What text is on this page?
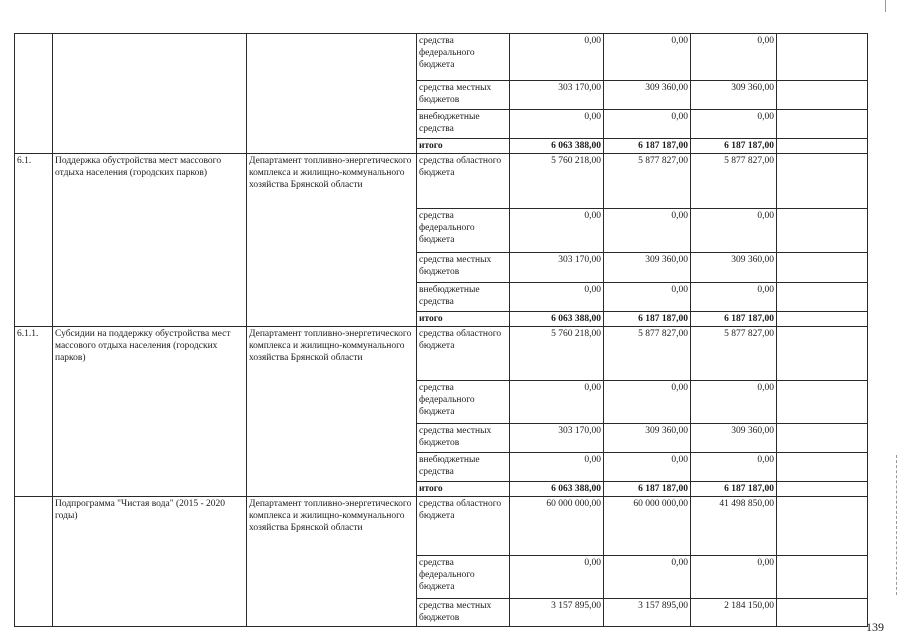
			средства федерального бюджета	0,00	0,00	0,00	
			средства местных бюджетов	303 170,00	309 360,00	309 360,00	
			внебюджетные средства	0,00	0,00	0,00	
			итого	6 063 388,00	6 187 187,00	6 187 187,00	
6.1.	Поддержка обустройства мест массового отдыха населения (городских парков)	Департамент топливно-энергетического комплекса и жилищно-коммунального хозяйства Брянской области	средства областного бюджета	5 760 218,00	5 877 827,00	5 877 827,00	
			средства федерального бюджета	0,00	0,00	0,00	
			средства местных бюджетов	303 170,00	309 360,00	309 360,00	
			внебюджетные средства	0,00	0,00	0,00	
			итого	6 063 388,00	6 187 187,00	6 187 187,00	
6.1.1.	Субсидии на поддержку обустройства мест массового отдыха населения (городских парков)	Департамент топливно-энергетического комплекса и жилищно-коммунального хозяйства Брянской области	средства областного бюджета	5 760 218,00	5 877 827,00	5 877 827,00	
			средства федерального бюджета	0,00	0,00	0,00	
			средства местных бюджетов	303 170,00	309 360,00	309 360,00	
			внебюджетные средства	0,00	0,00	0,00	
			итого	6 063 388,00	6 187 187,00	6 187 187,00	
	Подпрограмма "Чистая вода" (2015 - 2020 годы)	Департамент топливно-энергетического комплекса и жилищно-коммунального хозяйства Брянской области	средства областного бюджета	60 000 000,00	60 000 000,00	41 498 850,00	
			средства федерального бюджета	0,00	0,00	0,00	
			средства местных бюджетов	3 157 895,00	3 157 895,00	2 184 150,00	
139
